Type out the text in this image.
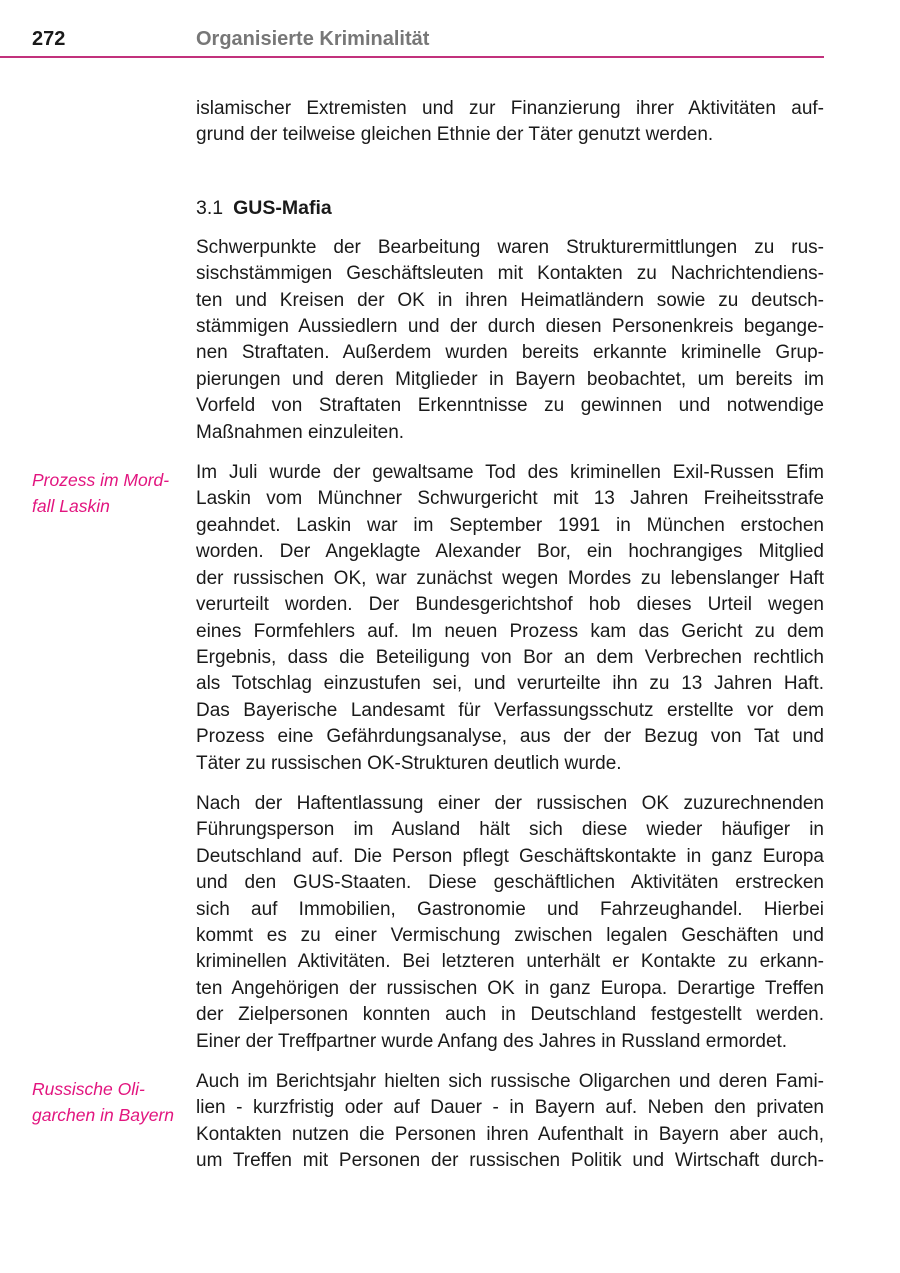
272	Organisierte Kriminalität
Prozess im Mord-
fall Laskin
Russische Oli-
garchen in Bayern
islamischer Extremisten und zur Finanzierung ihrer Aktivitäten auf-
grund der teilweise gleichen Ethnie der Täter genutzt werden.
3.1 GUS-Mafia
Schwerpunkte der Bearbeitung waren Strukturermittlungen zu rus-
sischstämmigen Geschäftsleuten mit Kontakten zu Nachrichtendiens-
ten und Kreisen der OK in ihren Heimatländern sowie zu deutsch-
stämmigen Aussiedlern und der durch diesen Personenkreis begange-
nen Straftaten. Außerdem wurden bereits erkannte kriminelle Grup-
pierungen und deren Mitglieder in Bayern beobachtet, um bereits im
Vorfeld von Straftaten Erkenntnisse zu gewinnen und notwendige
Maßnahmen einzuleiten.
Im Juli wurde der gewaltsame Tod des kriminellen Exil-Russen Efim
Laskin vom Münchner Schwurgericht mit 13 Jahren Freiheitsstrafe
geahndet. Laskin war im September 1991 in München erstochen
worden. Der Angeklagte Alexander Bor, ein hochrangiges Mitglied
der russischen OK, war zunächst wegen Mordes zu lebenslanger Haft
verurteilt worden. Der Bundesgerichtshof hob dieses Urteil wegen
eines Formfehlers auf. Im neuen Prozess kam das Gericht zu dem
Ergebnis, dass die Beteiligung von Bor an dem Verbrechen rechtlich
als Totschlag einzustufen sei, und verurteilte ihn zu 13 Jahren Haft.
Das Bayerische Landesamt für Verfassungsschutz erstellte vor dem
Prozess eine Gefährdungsanalyse, aus der der Bezug von Tat und
Täter zu russischen OK-Strukturen deutlich wurde.
Nach der Haftentlassung einer der russischen OK zuzurechnenden
Führungsperson im Ausland hält sich diese wieder häufiger in
Deutschland auf. Die Person pflegt Geschäftskontakte in ganz Europa
und den GUS-Staaten. Diese geschäftlichen Aktivitäten erstrecken
sich auf Immobilien, Gastronomie und Fahrzeughandel. Hierbei
kommt es zu einer Vermischung zwischen legalen Geschäften und
kriminellen Aktivitäten. Bei letzteren unterhält er Kontakte zu erkann-
ten Angehörigen der russischen OK in ganz Europa. Derartige Treffen
der Zielpersonen konnten auch in Deutschland festgestellt werden.
Einer der Treffpartner wurde Anfang des Jahres in Russland ermordet.
Auch im Berichtsjahr hielten sich russische Oligarchen und deren Fami-
lien - kurzfristig oder auf Dauer - in Bayern auf. Neben den privaten
Kontakten nutzen die Personen ihren Aufenthalt in Bayern aber auch,
um Treffen mit Personen der russischen Politik und Wirtschaft durch-
